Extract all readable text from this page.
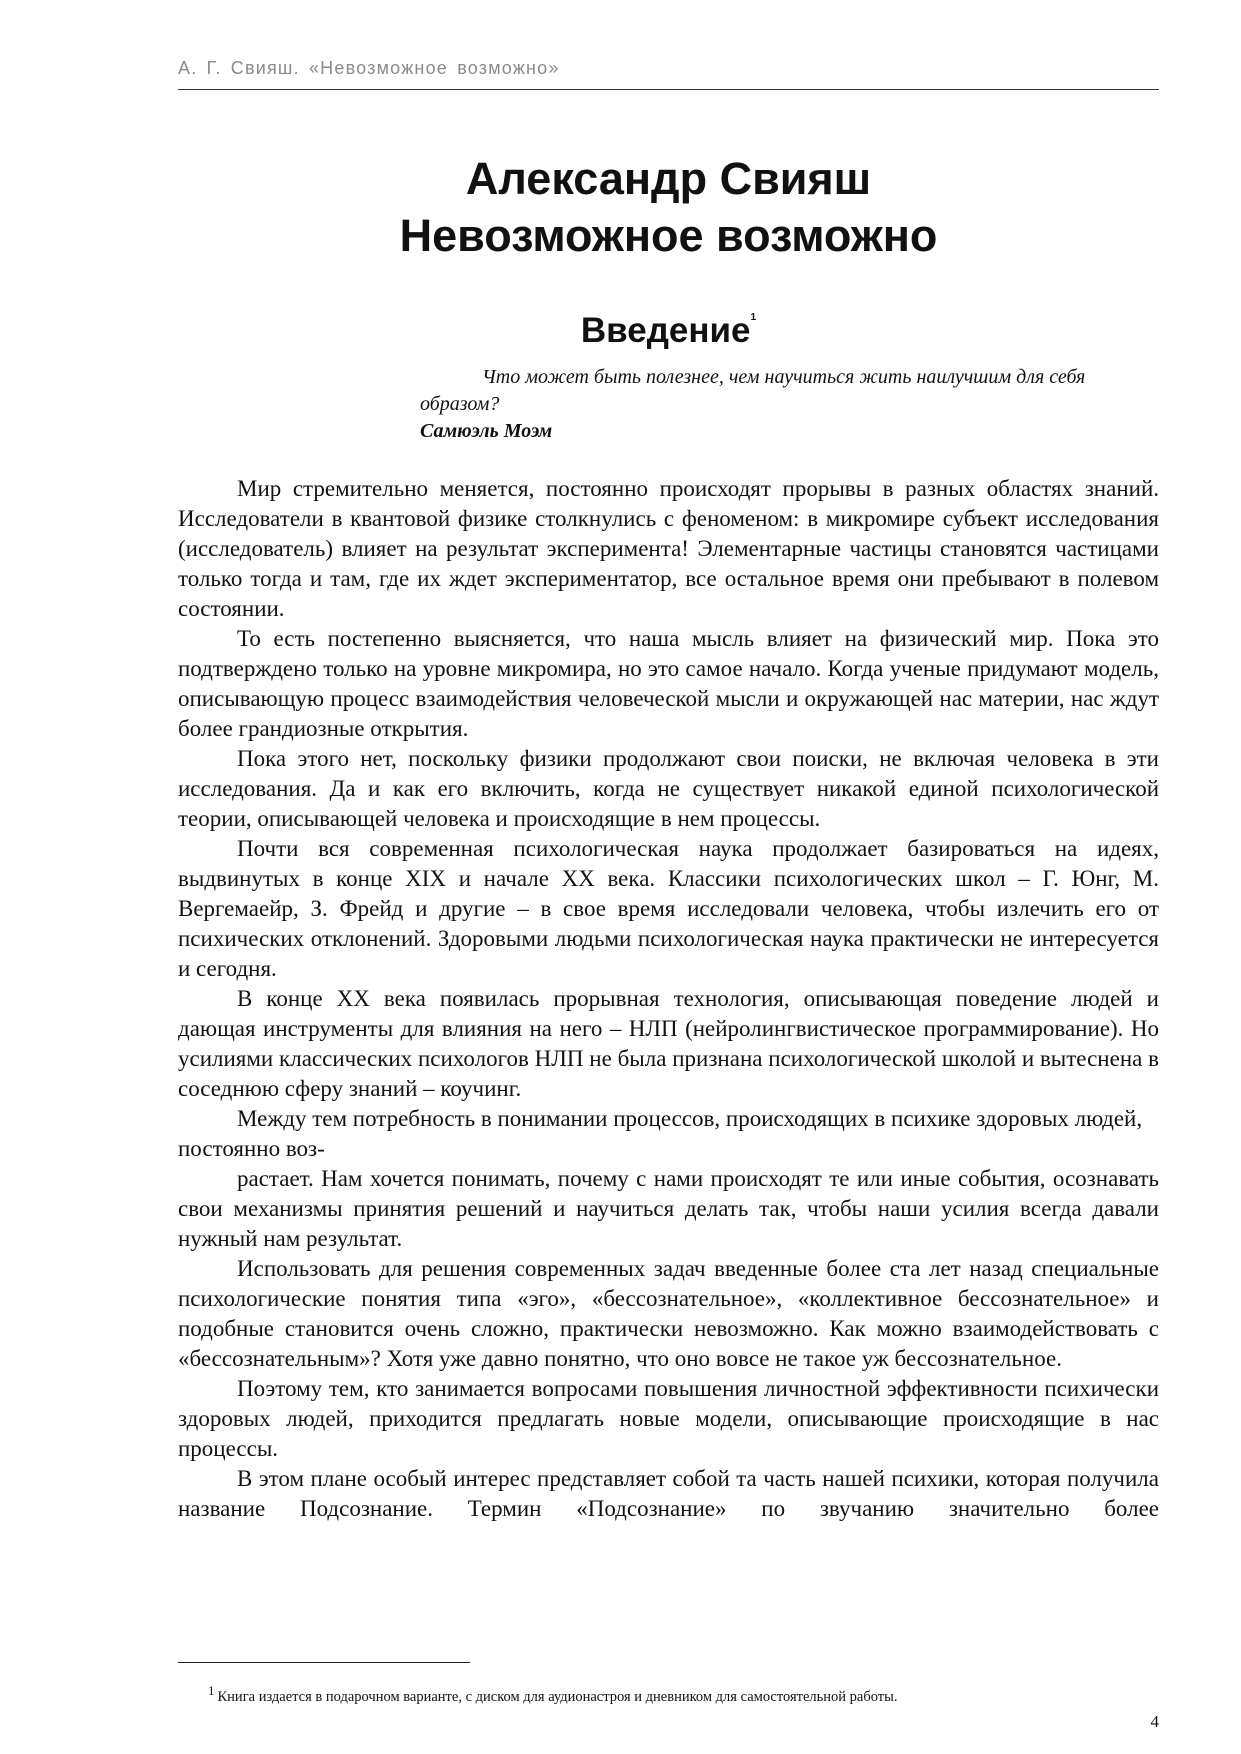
А. Г. Свияш. «Невозможное возможно»
Александр Свияш
Невозможное возможно
Введение$^1$

Что может быть полезнее, чем научиться жить наилучшим для себя образом?

Самюэль Моэм

Мир стремительно меняется, постоянно происходят прорывы в разных областях знаний. Исследователи в квантовой физике столкнулись с феноменом: в микромире субъект исследования (исследователь) влияет на результат эксперимента! Элементарные частицы становятся частицами только тогда и там, где их ждет экспериментатор, все остальное время они пребывают в полевом состоянии.

То есть постепенно выясняется, что наша мысль влияет на физический мир. Пока это подтверждено только на уровне микромира, но это самое начало. Когда ученые придумают модель, описывающую процесс взаимодействия человеческой мысли и окружающей нас материи, нас ждут более грандиозные открытия.

Пока этого нет, поскольку физики продолжают свои поиски, не включая человека в эти исследования. Да и как его включить, когда не существует никакой единой психологической теории, описывающей человека и происходящие в нем процессы.

Почти вся современная психологическая наука продолжает базироваться на идеях, выдвинутых в конце XIX и начале XX века. Классики психологических школ – Г. Юнг, М. Вергемаейр, З. Фрейд и другие – в свое время исследовали человека, чтобы излечить его от психических отклонений. Здоровыми людьми психологическая наука практически не интересуется и сегодня.

В конце XX века появилась прорывная технология, описывающая поведение людей и дающая инструменты для влияния на него – НЛП (нейролингвистическое программирование). Но усилиями классических психологов НЛП не была признана психологической школой и вытеснена в соседнюю сферу знаний – коучинг.

Между тем потребность в понимании процессов, происходящих в психике здоровых людей, постоянно воз-

растает. Нам хочется понимать, почему с нами происходят те или иные события, осознавать свои механизмы принятия решений и научиться делать так, чтобы наши усилия всегда давали нужный нам результат.

Использовать для решения современных задач введенные более ста лет назад специальные психологические понятия типа «эго», «бессознательное», «коллективное бессознательное» и подобные становится очень сложно, практически невозможно. Как можно взаимодействовать с «бессознательным»? Хотя уже давно понятно, что оно вовсе не такое уж бессознательное.

Поэтому тем, кто занимается вопросами повышения личностной эффективности психически здоровых людей, приходится предлагать новые модели, описывающие происходящие в нас процессы.

В этом плане особый интерес представляет собой та часть нашей психики, которая получила название Подсознание. Термин «Подсознание» по звучанию значительно более

$^1$ Книга издается в подарочном варианте, с диском для аудионастроя и дневником для самостоятельной работы.
4
